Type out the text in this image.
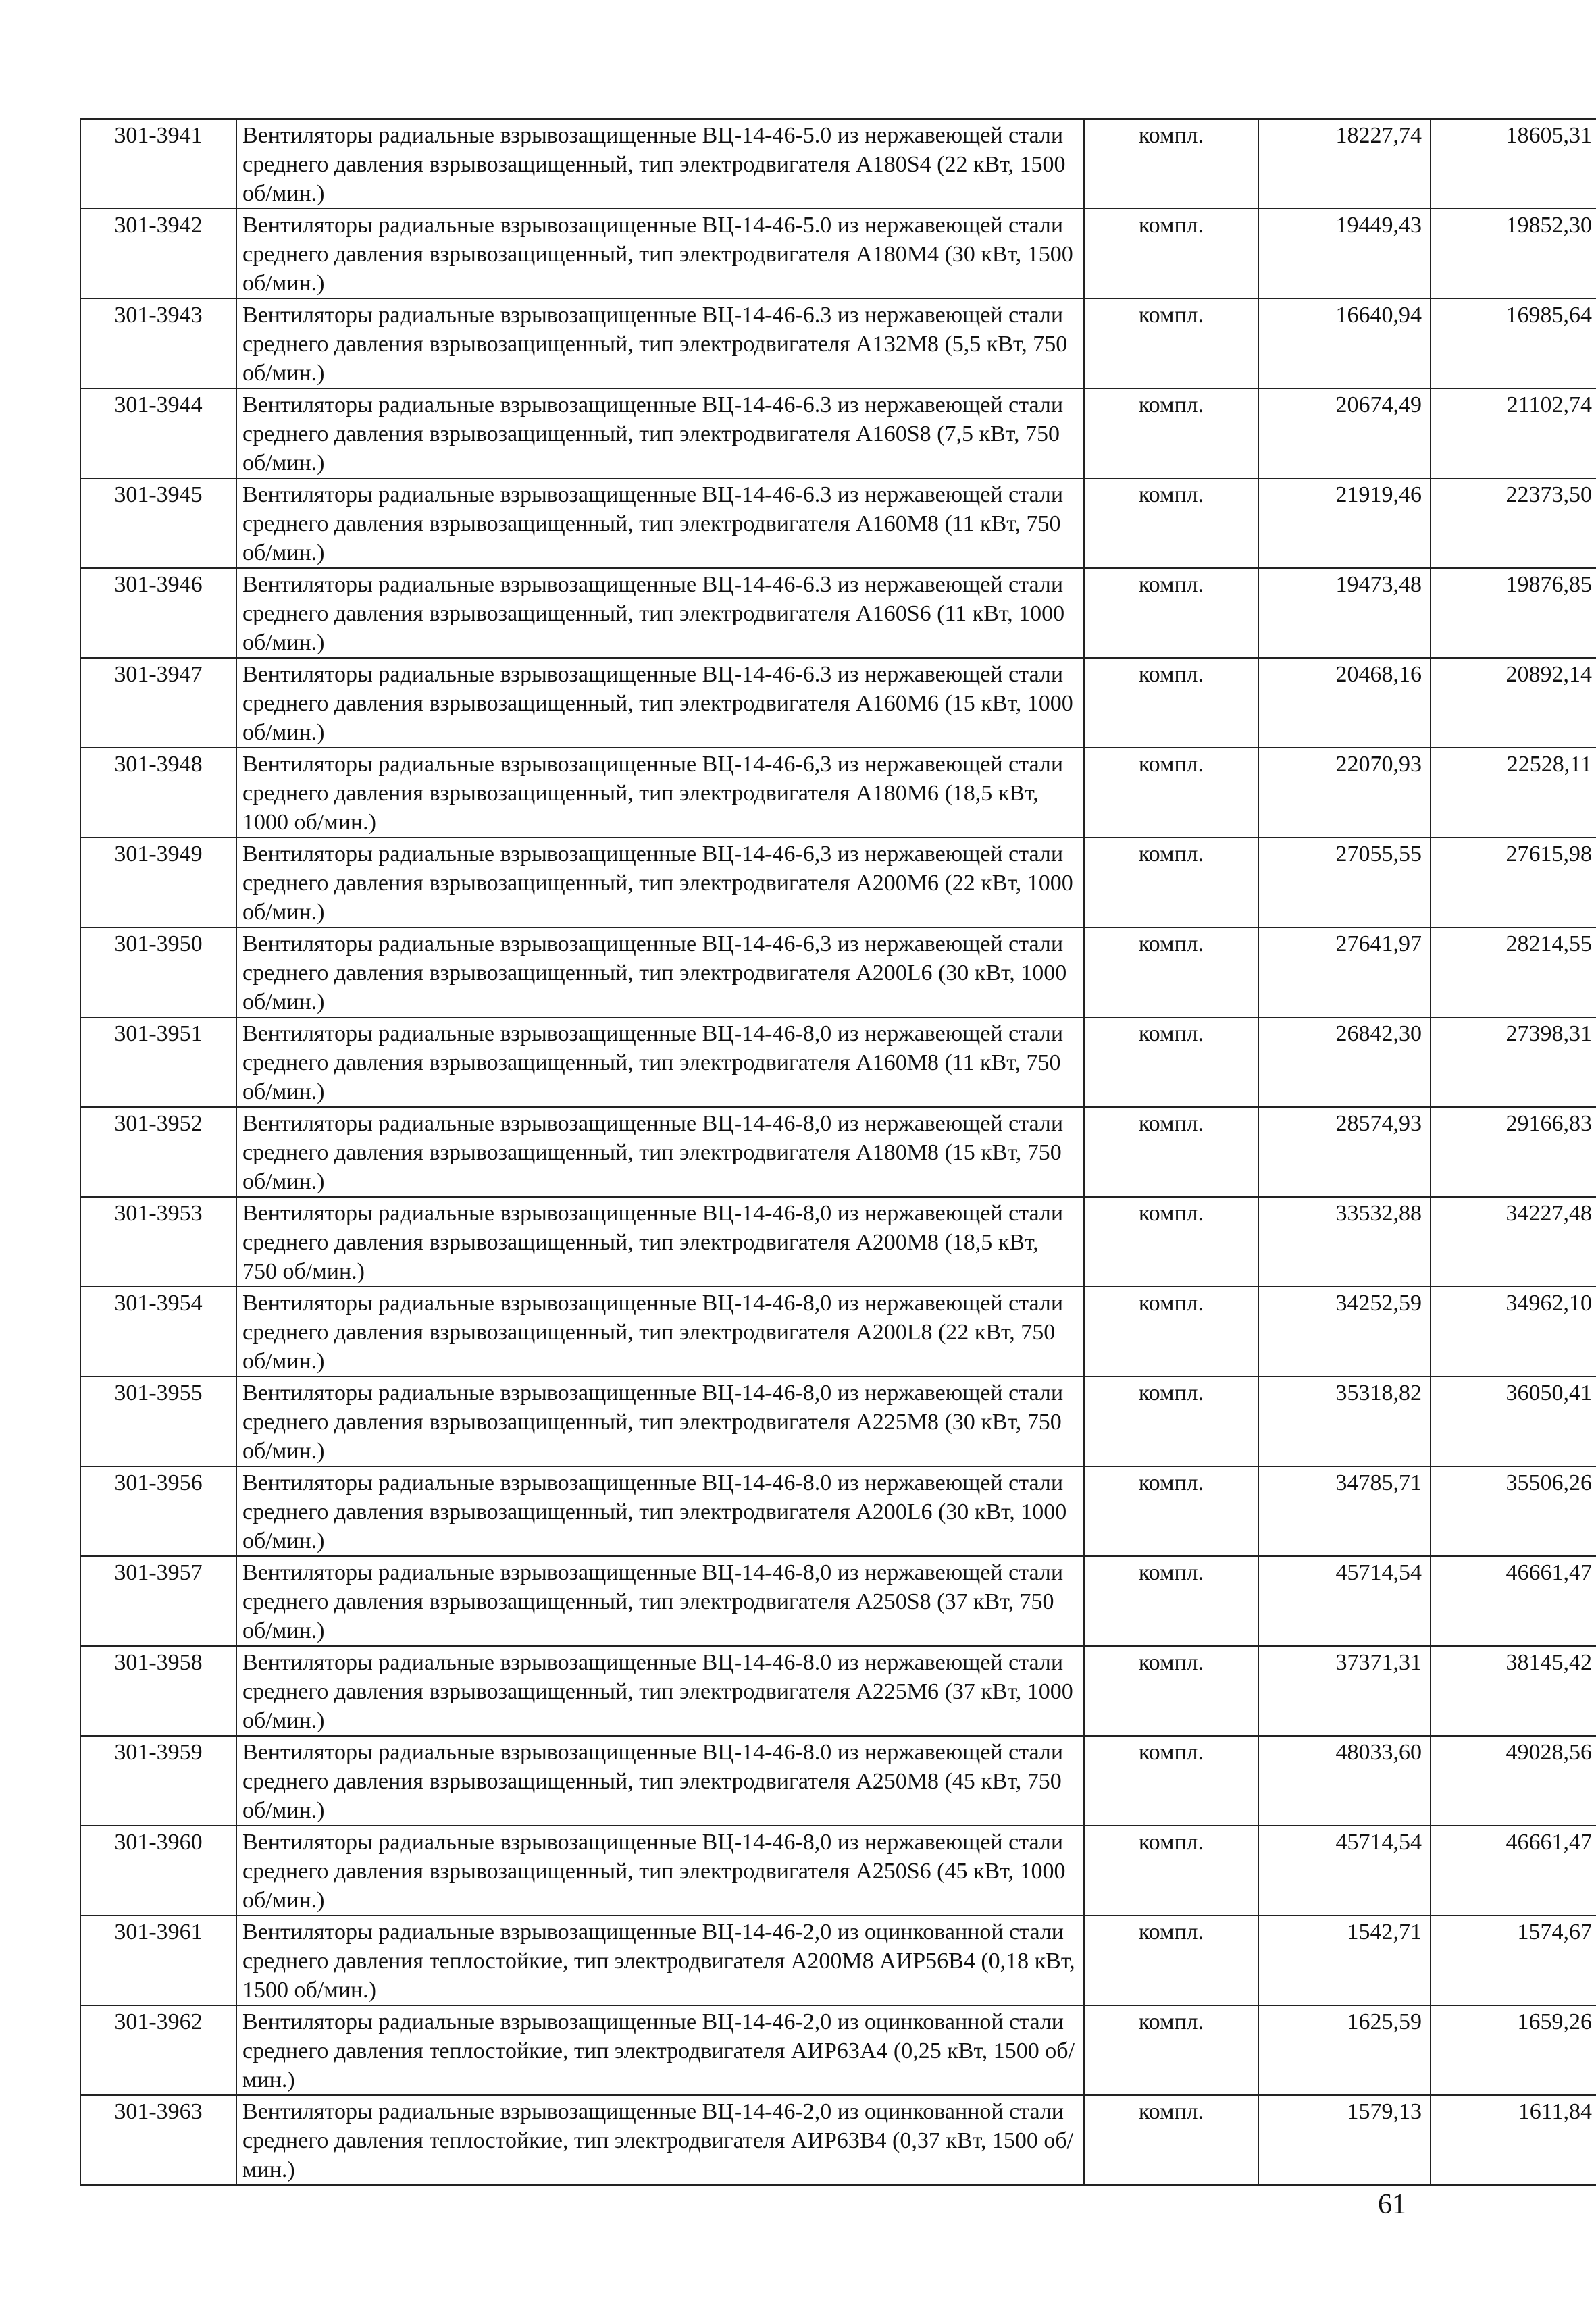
301-3941	Вентиляторы радиальные взрывозащищенные ВЦ-14-46-5.0 из нержавеющей стали среднего давления взрывозащищенный, тип электродвигателя А180S4 (22 кВт, 1500 об/мин.)	компл.	18227,74	18605,31
301-3942	Вентиляторы радиальные взрывозащищенные ВЦ-14-46-5.0 из нержавеющей стали среднего давления взрывозащищенный, тип электродвигателя А180М4 (30 кВт, 1500 об/мин.)	компл.	19449,43	19852,30
301-3943	Вентиляторы радиальные взрывозащищенные ВЦ-14-46-6.3 из нержавеющей стали среднего давления взрывозащищенный, тип электродвигателя А132М8 (5,5 кВт, 750 об/мин.)	компл.	16640,94	16985,64
301-3944	Вентиляторы радиальные взрывозащищенные ВЦ-14-46-6.3 из нержавеющей стали среднего давления взрывозащищенный, тип электродвигателя А160S8 (7,5 кВт, 750 об/мин.)	компл.	20674,49	21102,74
301-3945	Вентиляторы радиальные взрывозащищенные ВЦ-14-46-6.3 из нержавеющей стали среднего давления взрывозащищенный, тип электродвигателя А160М8 (11 кВт, 750 об/мин.)	компл.	21919,46	22373,50
301-3946	Вентиляторы радиальные взрывозащищенные ВЦ-14-46-6.3 из нержавеющей стали среднего давления взрывозащищенный, тип электродвигателя А160S6 (11 кВт, 1000 об/мин.)	компл.	19473,48	19876,85
301-3947	Вентиляторы радиальные взрывозащищенные ВЦ-14-46-6.3 из нержавеющей стали среднего давления взрывозащищенный, тип электродвигателя А160М6 (15 кВт, 1000 об/мин.)	компл.	20468,16	20892,14
301-3948	Вентиляторы радиальные взрывозащищенные ВЦ-14-46-6,3 из нержавеющей стали среднего давления взрывозащищенный, тип электродвигателя А180М6 (18,5 кВт, 1000 об/мин.)	компл.	22070,93	22528,11
301-3949	Вентиляторы радиальные взрывозащищенные ВЦ-14-46-6,3 из нержавеющей стали среднего давления взрывозащищенный, тип электродвигателя А200М6 (22 кВт, 1000 об/мин.)	компл.	27055,55	27615,98
301-3950	Вентиляторы радиальные взрывозащищенные ВЦ-14-46-6,3 из нержавеющей стали среднего давления взрывозащищенный, тип электродвигателя А200L6 (30 кВт, 1000 об/мин.)	компл.	27641,97	28214,55
301-3951	Вентиляторы радиальные взрывозащищенные ВЦ-14-46-8,0 из нержавеющей стали среднего давления взрывозащищенный, тип электродвигателя А160М8 (11 кВт, 750 об/мин.)	компл.	26842,30	27398,31
301-3952	Вентиляторы радиальные взрывозащищенные ВЦ-14-46-8,0 из нержавеющей стали среднего давления взрывозащищенный, тип электродвигателя А180М8 (15 кВт, 750 об/мин.)	компл.	28574,93	29166,83
301-3953	Вентиляторы радиальные взрывозащищенные ВЦ-14-46-8,0 из нержавеющей стали среднего давления взрывозащищенный, тип электродвигателя А200М8 (18,5 кВт, 750 об/мин.)	компл.	33532,88	34227,48
301-3954	Вентиляторы радиальные взрывозащищенные ВЦ-14-46-8,0 из нержавеющей стали среднего давления взрывозащищенный, тип электродвигателя А200L8 (22 кВт, 750 об/мин.)	компл.	34252,59	34962,10
301-3955	Вентиляторы радиальные взрывозащищенные ВЦ-14-46-8,0 из нержавеющей стали среднего давления взрывозащищенный, тип электродвигателя А225М8 (30 кВт, 750 об/мин.)	компл.	35318,82	36050,41
301-3956	Вентиляторы радиальные взрывозащищенные ВЦ-14-46-8.0 из нержавеющей стали среднего давления взрывозащищенный, тип электродвигателя А200L6 (30 кВт, 1000 об/мин.)	компл.	34785,71	35506,26
301-3957	Вентиляторы радиальные взрывозащищенные ВЦ-14-46-8,0 из нержавеющей стали среднего давления взрывозащищенный, тип электродвигателя А250S8 (37 кВт, 750 об/мин.)	компл.	45714,54	46661,47
301-3958	Вентиляторы радиальные взрывозащищенные ВЦ-14-46-8.0 из нержавеющей стали среднего давления взрывозащищенный, тип электродвигателя А225М6 (37 кВт, 1000 об/мин.)	компл.	37371,31	38145,42
301-3959	Вентиляторы радиальные взрывозащищенные ВЦ-14-46-8.0 из нержавеющей стали среднего давления взрывозащищенный, тип электродвигателя А250М8 (45 кВт, 750 об/мин.)	компл.	48033,60	49028,56
301-3960	Вентиляторы радиальные взрывозащищенные ВЦ-14-46-8,0 из нержавеющей стали среднего давления взрывозащищенный, тип электродвигателя А250S6 (45 кВт, 1000 об/мин.)	компл.	45714,54	46661,47
301-3961	Вентиляторы радиальные взрывозащищенные ВЦ-14-46-2,0 из оцинкованной стали среднего давления теплостойкие, тип электродвигателя А200М8 АИР56В4 (0,18 кВт, 1500 об/мин.)	компл.	1542,71	1574,67
301-3962	Вентиляторы радиальные взрывозащищенные ВЦ-14-46-2,0 из оцинкованной стали среднего давления теплостойкие, тип электродвигателя АИР63А4 (0,25 кВт, 1500 об/мин.)	компл.	1625,59	1659,26
301-3963	Вентиляторы радиальные взрывозащищенные ВЦ-14-46-2,0 из оцинкованной стали среднего давления теплостойкие, тип электродвигателя АИР63В4 (0,37 кВт, 1500 об/мин.)	компл.	1579,13	1611,84
61
